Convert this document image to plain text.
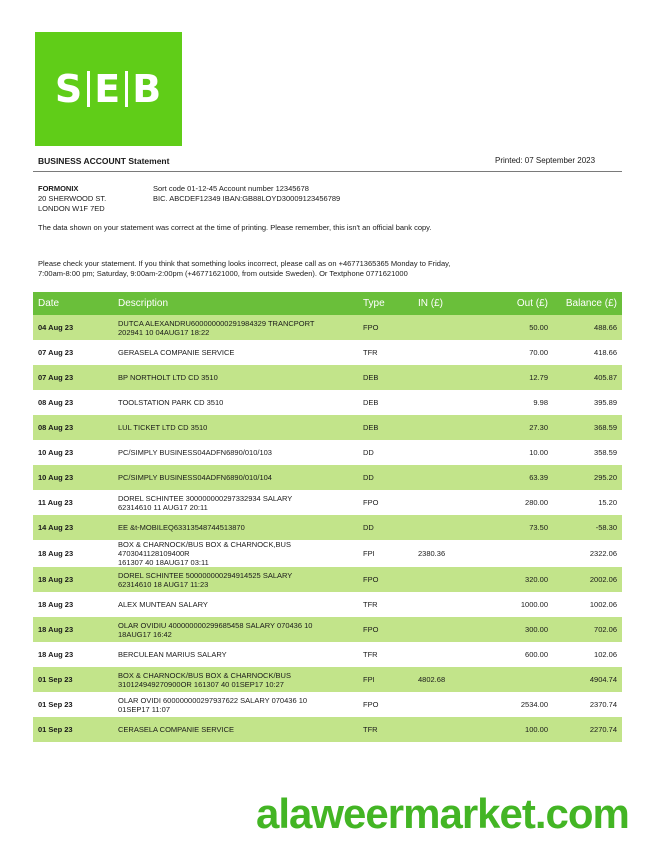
S E B
BUSINESS ACCOUNT Statement	Printed: 07 September 2023
FORMONIX
20 SHERWOOD ST.
LONDON W1F 7ED
Sort code 01-12-45 Account number 12345678
BIC. ABCDEF12349 IBAN:GB88LOYD30009123456789
The data shown on your statement was correct at the time of printing. Please remember, this isn't an official bank copy.
Please check your statement. If you think that something looks incorrect, please call as on +46771365365 Monday to Friday, 7:00am-8:00 pm; Saturday, 9:00am-2:00pm (+46771621000, from outside Sweden). Or Textphone 0771621000
Date	Description	Type	IN (£)	Out (£)	Balance (£)
04 Aug 23	DUTCA ALEXANDRU600000000291984329 TRANCPORT
202941 10 04AUG17 18:22	FPO		50.00	488.66
07 Aug 23	GERASELA COMPANIE SERVICE	TFR		70.00	418.66
07 Aug 23	BP NORTHOLT LTD CD 3510	DEB		12.79	405.87
08 Aug 23	TOOLSTATION PARK CD 3510	DEB		9.98	395.89
08 Aug 23	LUL TICKET LTD CD 3510	DEB		27.30	368.59
10 Aug 23	PC/SIMPLY BUSINESS04ADFN6890/010/103	DD		10.00	358.59
10 Aug 23	PC/SIMPLY BUSINESS04ADFN6890/010/104	DD		63.39	295.20
11 Aug 23	DOREL SCHINTEE 300000000297332934 SALARY
62314610 11 AUG17 20:11	FPO		280.00	15.20
14 Aug 23	EE &t-MOBILEQ63313548744513870	DD		73.50	-58.30
18 Aug 23	BOX & CHARNOCK/BUS BOX & CHARNOCK,BUS 4703041128109400R
161307 40 18AUG17 03:11	FPI	2380.36		2322.06
18 Aug 23	DOREL SCHINTEE 500000000294914525 SALARY
62314610 18 AUG17 11:23	FPO		320.00	2002.06
18 Aug 23	ALEX MUNTEAN SALARY	TFR		1000.00	1002.06
18 Aug 23	OLAR OVIDIU 400000000299685458 SALARY 070436 10
18AUG17 16:42	FPO		300.00	702.06
18 Aug 23	BERCULEAN MARIUS SALARY	TFR		600.00	102.06
01 Sep 23	BOX & CHARNOCK/BUS BOX & CHARNOCK/BUS
310124949270900OR 161307 40 01SEP17 10:27	FPI	4802.68		4904.74
01 Sep 23	OLAR OVIDI 600000000297937622 SALARY 070436 10
01SEP17 11:07	FPO		2534.00	2370.74
01 Sep 23	CERASELA COMPANIE SERVICE	TFR		100.00	2270.74
alaweermarket.com
